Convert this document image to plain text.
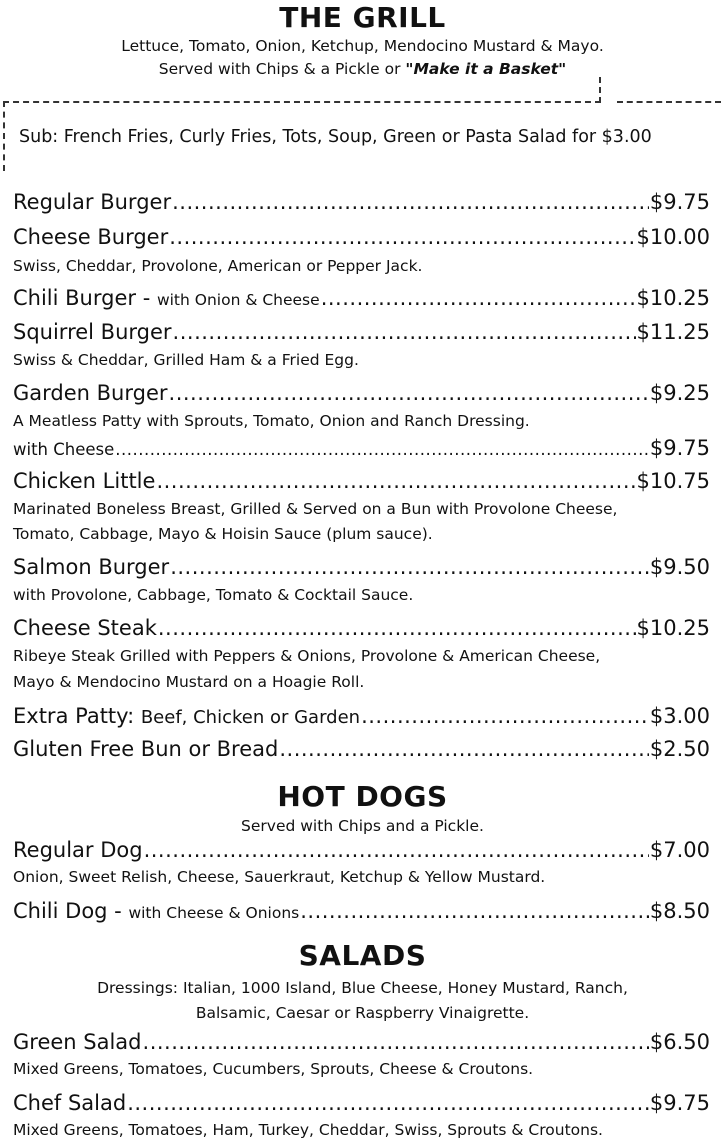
THE GRILL
Lettuce, Tomato, Onion, Ketchup, Mendocino Mustard & Mayo.
Served with Chips & a Pickle or "Make it a Basket"
Sub: French Fries, Curly Fries, Tots, Soup, Green or Pasta Salad for $3.00
Regular Burger .....	$9.75
Cheese Burger .....	$10.00
Swiss, Cheddar, Provolone, American or Pepper Jack.
Chili Burger - with Onion & Cheese .....	$10.25
Squirrel Burger .....	$11.25
Swiss & Cheddar, Grilled Ham & a Fried Egg.
Garden Burger .....	$9.25
A Meatless Patty with Sprouts, Tomato, Onion and Ranch Dressing.
with Cheese .....	$9.75
Chicken Little .....	$10.75
Marinated Boneless Breast, Grilled & Served on a Bun with Provolone Cheese,
Tomato, Cabbage, Mayo & Hoisin Sauce (plum sauce).
Salmon Burger .....	$9.50
with Provolone, Cabbage, Tomato & Cocktail Sauce.
Cheese Steak .....	$10.25
Ribeye Steak Grilled with Peppers & Onions, Provolone & American Cheese,
Mayo & Mendocino Mustard on a Hoagie Roll.
Extra Patty: Beef, Chicken or Garden .....	$3.00
Gluten Free Bun or Bread .....	$2.50
HOT DOGS
Served with Chips and a Pickle.
Regular Dog .....	$7.00
Onion, Sweet Relish, Cheese, Sauerkraut, Ketchup & Yellow Mustard.
Chili Dog - with Cheese & Onions .....	$8.50
SALADS
Dressings: Italian, 1000 Island, Blue Cheese, Honey Mustard, Ranch,
Balsamic, Caesar or Raspberry Vinaigrette.
Green Salad .....	$6.50
Mixed Greens, Tomatoes, Cucumbers, Sprouts, Cheese & Croutons.
Chef Salad .....	$9.75
Mixed Greens, Tomatoes, Ham, Turkey, Cheddar, Swiss, Sprouts & Croutons.
